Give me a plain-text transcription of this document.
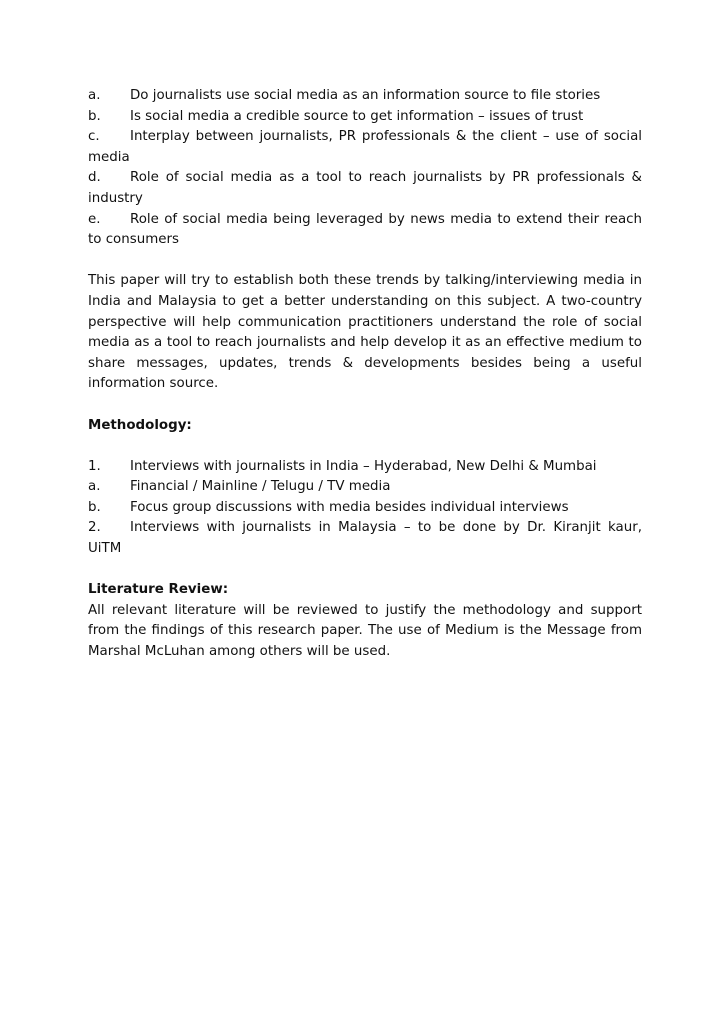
a. Do journalists use social media as an information source to file stories

b. Is social media a credible source to get information – issues of trust

c. Interplay between journalists, PR professionals & the client – use of social media

d. Role of social media as a tool to reach journalists by PR professionals & industry

e. Role of social media being leveraged by news media to extend their reach to consumers

This paper will try to establish both these trends by talking/interviewing media in India and Malaysia to get a better understanding on this subject. A two-country perspective will help communication practitioners understand the role of social media as a tool to reach journalists and help develop it as an effective medium to share messages, updates, trends & developments besides being a useful information source.

Methodology:

1. Interviews with journalists in India – Hyderabad, New Delhi & Mumbai

a. Financial / Mainline / Telugu / TV media

b. Focus group discussions with media besides individual interviews

2. Interviews with journalists in Malaysia – to be done by Dr. Kiranjit kaur, UiTM

Literature Review:

All relevant literature will be reviewed to justify the methodology and support from the findings of this research paper. The use of Medium is the Message from Marshal McLuhan among others will be used.
